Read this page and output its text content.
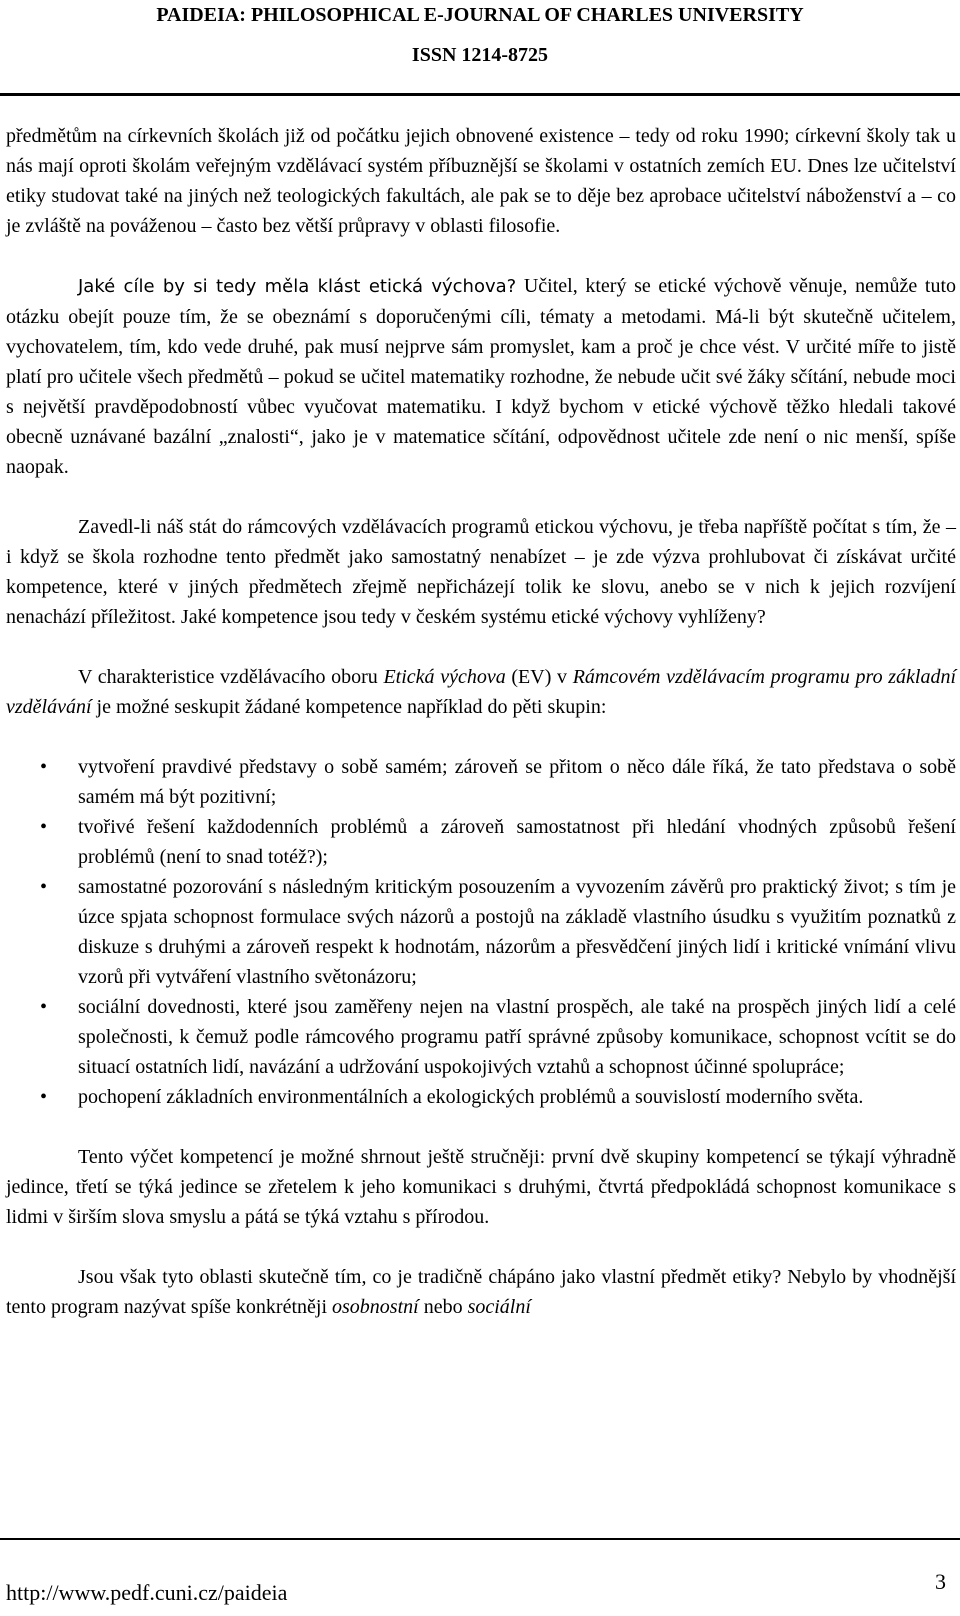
PAIDEIA: PHILOSOPHICAL E-JOURNAL OF CHARLES UNIVERSITY
ISSN 1214-8725

předmětům na církevních školách již od počátku jejich obnovené existence – tedy od roku 1990; církevní školy tak u nás mají oproti školám veřejným vzdělávací systém příbuznější se školami v ostatních zemích EU. Dnes lze učitelství etiky studovat také na jiných než teologických fakultách, ale pak se to děje bez aprobace učitelství náboženství a – co je zvláště na pováženou – často bez větší průpravy v oblasti filosofie.

Jaké cíle by si tedy měla klást etická výchova? Učitel, který se etické výchově věnuje, nemůže tuto otázku obejít pouze tím, že se obeznámí s doporučenými cíli, tématy a metodami. Má-li být skutečně učitelem, vychovatelem, tím, kdo vede druhé, pak musí nejprve sám promyslet, kam a proč je chce vést. V určité míře to jistě platí pro učitele všech předmětů – pokud se učitel matematiky rozhodne, že nebude učit své žáky sčítání, nebude moci s největší pravděpodobností vůbec vyučovat matematiku. I když bychom v etické výchově těžko hledali takové obecně uznávané bazální „znalosti“, jako je v matematice sčítání, odpovědnost učitele zde není o nic menší, spíše naopak.

Zavedl-li náš stát do rámcových vzdělávacích programů etickou výchovu, je třeba napříště počítat s tím, že – i když se škola rozhodne tento předmět jako samostatný nenabízet – je zde výzva prohlubovat či získávat určité kompetence, které v jiných předmětech zřejmě nepřicházejí tolik ke slovu, anebo se v nich k jejich rozvíjení nenachází příležitost. Jaké kompetence jsou tedy v českém systému etické výchovy vyhlíženy?

V charakteristice vzdělávacího oboru Etická výchova (EV) v Rámcovém vzdělávacím programu pro základní vzdělávání je možné seskupit žádané kompetence například do pěti skupin:

• vytvoření pravdivé představy o sobě samém; zároveň se přitom o něco dále říká, že tato představa o sobě samém má být pozitivní;
• tvořivé řešení každodenních problémů a zároveň samostatnost při hledání vhodných způsobů řešení problémů (není to snad totéž?);
• samostatné pozorování s následným kritickým posouzením a vyvozením závěrů pro praktický život; s tím je úzce spjata schopnost formulace svých názorů a postojů na základě vlastního úsudku s využitím poznatků z diskuze s druhými a zároveň respekt k hodnotám, názorům a přesvědčení jiných lidí i kritické vnímání vlivu vzorů při vytváření vlastního světonázoru;
• sociální dovednosti, které jsou zaměřeny nejen na vlastní prospěch, ale také na prospěch jiných lidí a celé společnosti, k čemuž podle rámcového programu patří správné způsoby komunikace, schopnost vcítit se do situací ostatních lidí, navázání a udržování uspokojivých vztahů a schopnost účinné spolupráce;
• pochopení základních environmentálních a ekologických problémů a souvislostí moderního světa.

Tento výčet kompetencí je možné shrnout ještě stručněji: první dvě skupiny kompetencí se týkají výhradně jedince, třetí se týká jedince se zřetelem k jeho komunikaci s druhými, čtvrtá předpokládá schopnost komunikace s lidmi v širším slova smyslu a pátá se týká vztahu s přírodou.

Jsou však tyto oblasti skutečně tím, co je tradičně chápáno jako vlastní předmět etiky? Nebylo by vhodnější tento program nazývat spíše konkrétněji osobnostní nebo sociální

http://www.pedf.cuni.cz/paideia	3
